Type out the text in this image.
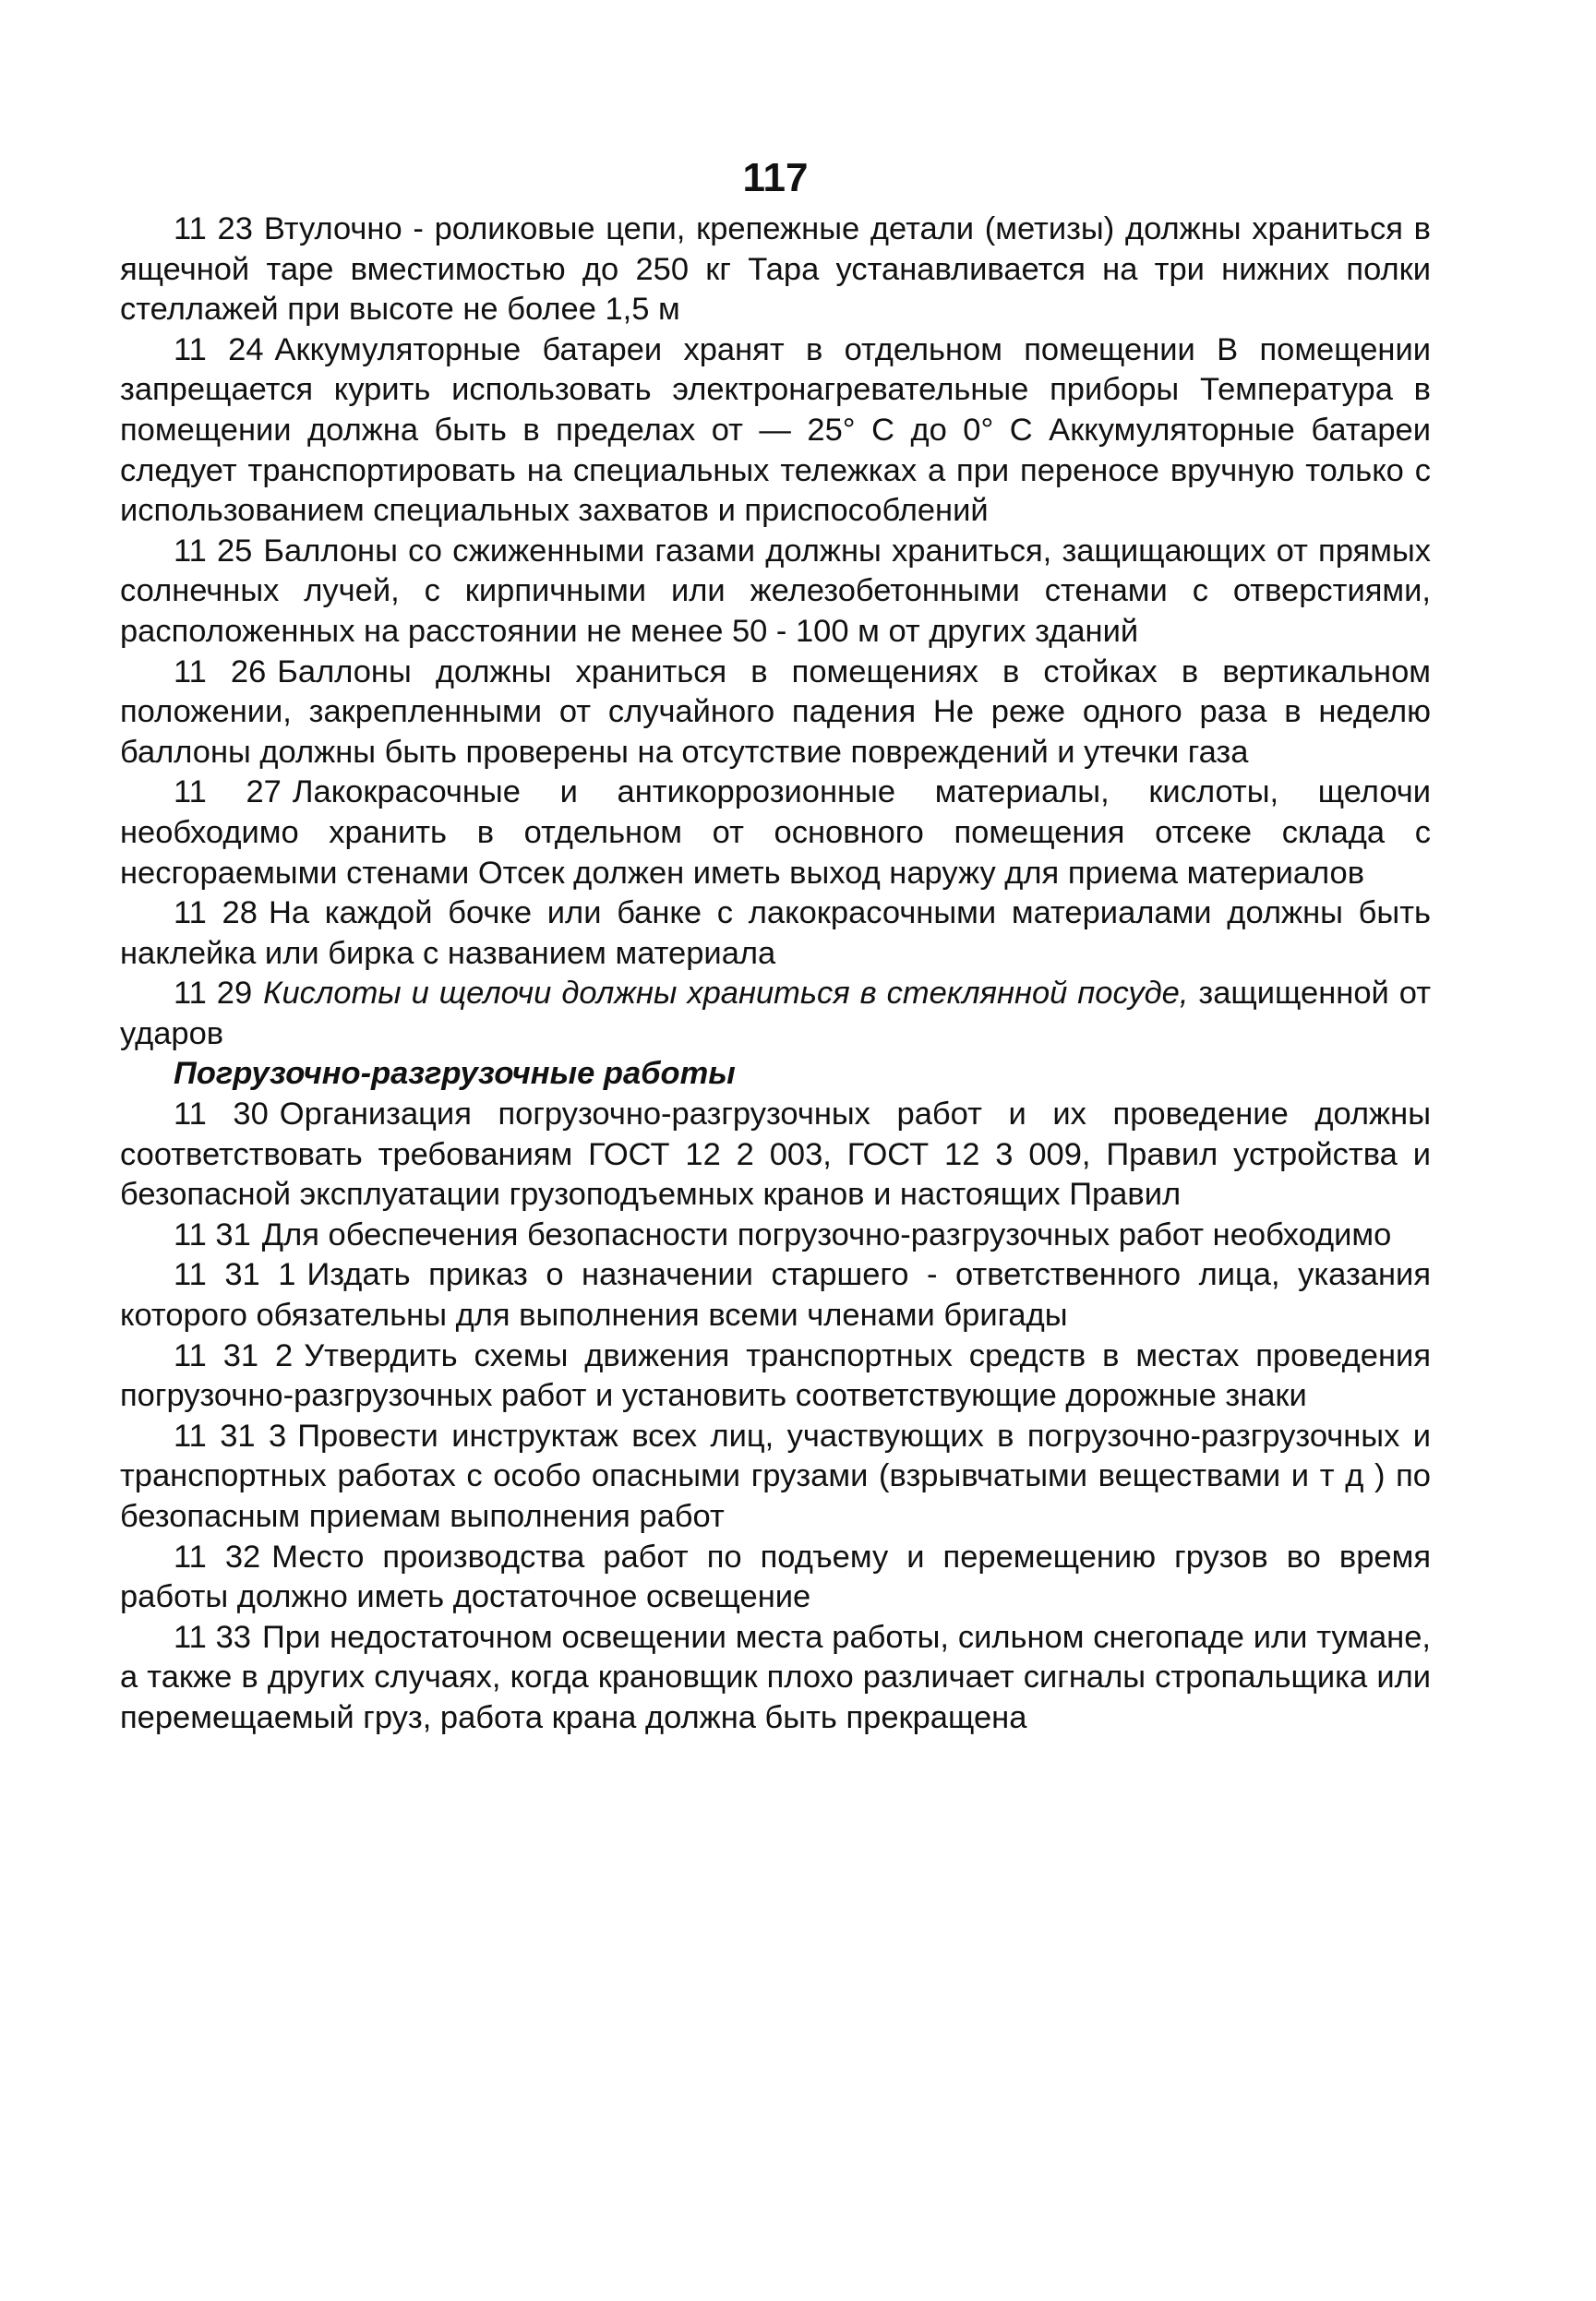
117

11 23 Втулочно - роликовые цепи, крепежные детали (метизы) должны храниться в ящечной таре вместимостью до 250 кг Тара устанавливается на три нижних полки стеллажей при высоте не более 1,5 м

11 24 Аккумуляторные батареи хранят в отдельном помещении В помещении запрещается курить использовать электронагревательные приборы Температура в помещении должна быть в пределах от — 25° С до 0° С Аккумуляторные батареи следует транспортировать на специальных тележках а при переносе вручную только с использованием специальных захватов и приспособлений

11 25 Баллоны со сжиженными газами должны храниться, защищающих от прямых солнечных лучей, с кирпичными или железобетонными стенами с отверстиями, расположенных на расстоянии не менее 50 - 100 м от других зданий

11 26 Баллоны должны храниться в помещениях в стойках в вертикальном положении, закрепленными от случайного падения Не реже одного раза в неделю баллоны должны быть проверены на отсутствие повреждений и утечки газа

11 27 Лакокрасочные и антикоррозионные материалы, кислоты, щелочи необходимо хранить в отдельном от основного помещения отсеке склада с несгораемыми стенами Отсек должен иметь выход наружу для приема материалов

11 28 На каждой бочке или банке с лакокрасочными материалами должны быть наклейка или бирка с названием материала

11 29 Кислоты и щелочи должны храниться в стеклянной посуде, защищенной от ударов

Погрузочно-разгрузочные работы

11 30 Организация погрузочно-разгрузочных работ и их проведение должны соответствовать требованиям ГОСТ 12 2 003, ГОСТ 12 3 009, Правил устройства и безопасной эксплуатации грузоподъемных кранов и настоящих Правил

11 31 Для обеспечения безопасности погрузочно-разгрузочных работ необходимо

11 31 1 Издать приказ о назначении старшего - ответственного лица, указания которого обязательны для выполнения всеми членами бригады

11 31 2 Утвердить схемы движения транспортных средств в местах проведения погрузочно-разгрузочных работ и установить соответствующие дорожные знаки

11 31 3 Провести инструктаж всех лиц, участвующих в погрузочно-разгрузочных и транспортных работах с особо опасными грузами (взрывчатыми веществами и т д ) по безопасным приемам выполнения работ

11 32 Место производства работ по подъему и перемещению грузов во время работы должно иметь достаточное освещение

11 33 При недостаточном освещении места работы, сильном снегопаде или тумане, а также в других случаях, когда крановщик плохо различает сигналы стропальщика или перемещаемый груз, работа крана должна быть прекращена
